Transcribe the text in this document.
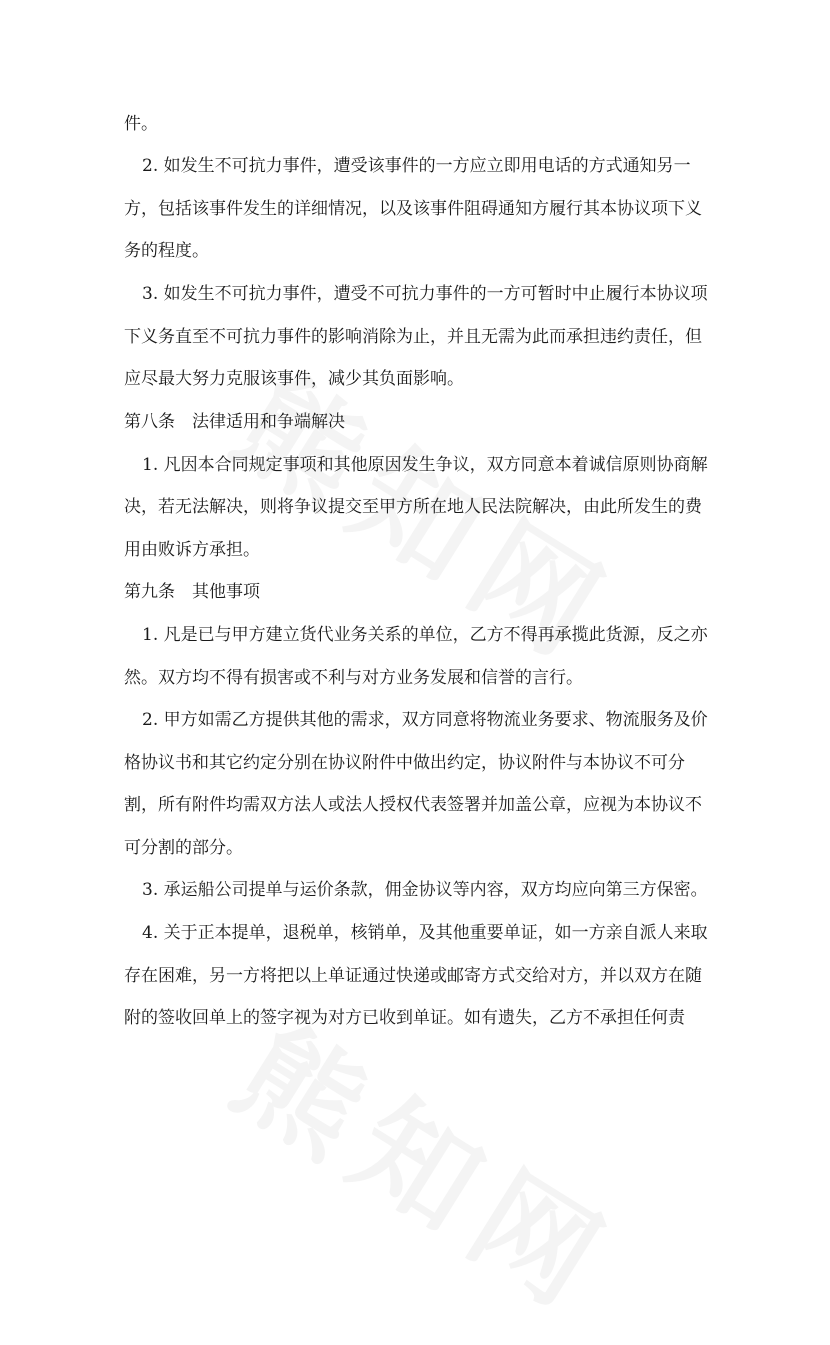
件。
2. 如发生不可抗力事件，遭受该事件的一方应立即用电话的方式通知另一
方，包括该事件发生的详细情况，以及该事件阻碍通知方履行其本协议项下义
务的程度。
3. 如发生不可抗力事件，遭受不可抗力事件的一方可暂时中止履行本协议项
下义务直至不可抗力事件的影响消除为止，并且无需为此而承担违约责任，但
应尽最大努力克服该事件，减少其负面影响。
第八条　法律适用和争端解决
1. 凡因本合同规定事项和其他原因发生争议，双方同意本着诚信原则协商解
决，若无法解决，则将争议提交至甲方所在地人民法院解决，由此所发生的费
用由败诉方承担。
第九条　其他事项
1. 凡是已与甲方建立货代业务关系的单位，乙方不得再承揽此货源，反之亦
然。双方均不得有损害或不利与对方业务发展和信誉的言行。
2. 甲方如需乙方提供其他的需求，双方同意将物流业务要求、物流服务及价
格协议书和其它约定分别在协议附件中做出约定，协议附件与本协议不可分
割，所有附件均需双方法人或法人授权代表签署并加盖公章，应视为本协议不
可分割的部分。
3. 承运船公司提单与运价条款，佣金协议等内容，双方均应向第三方保密。
4. 关于正本提单，退税单，核销单，及其他重要单证，如一方亲自派人来取
存在困难，另一方将把以上单证通过快递或邮寄方式交给对方，并以双方在随
附的签收回单上的签字视为对方已收到单证。如有遗失，乙方不承担任何责
